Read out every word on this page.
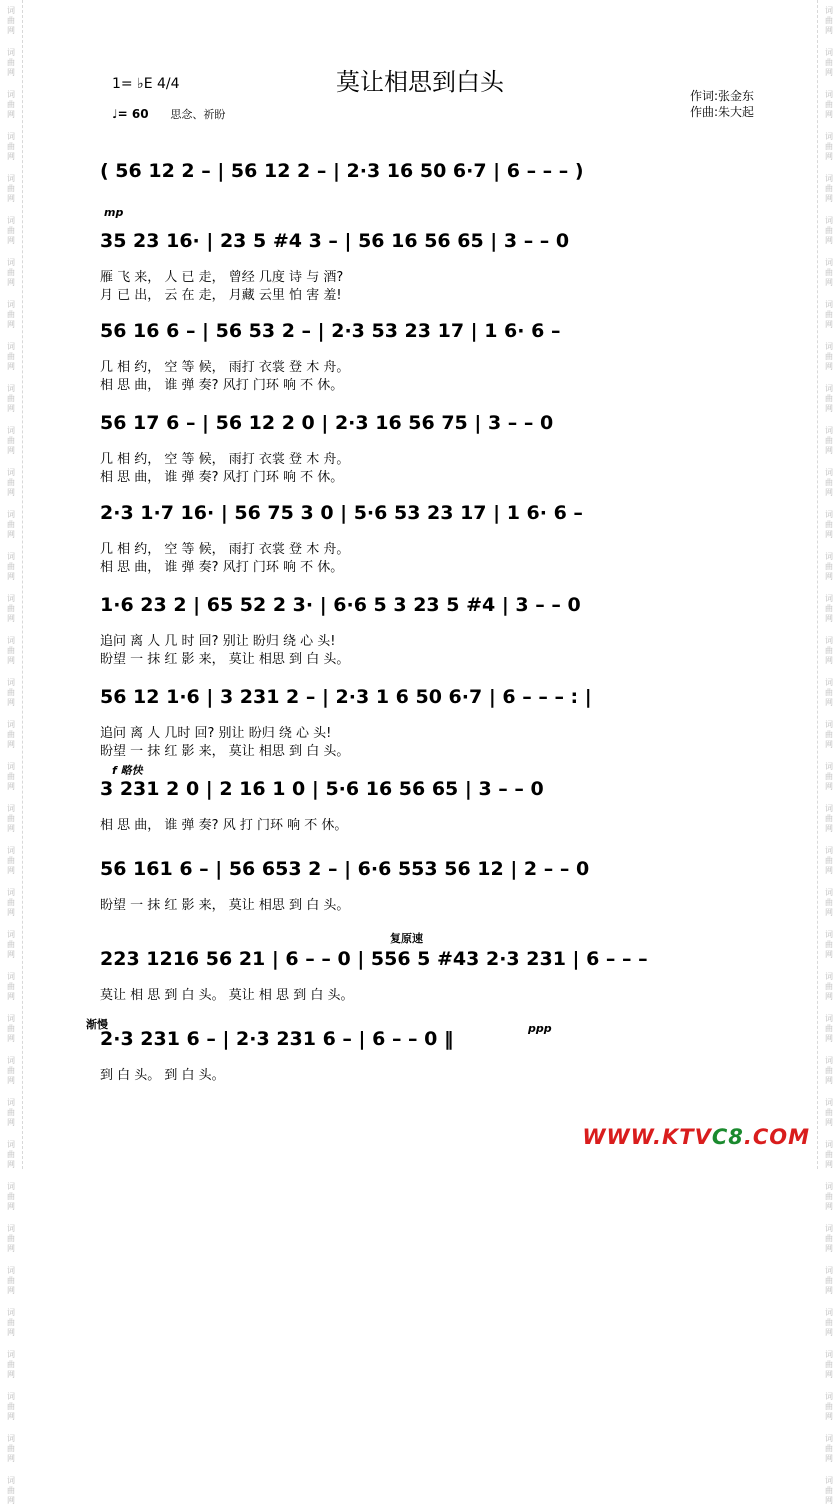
词
曲
网
词
曲
网
词
曲
网
词
曲
网
词
曲
网
词
曲
网
词
曲
网
词
曲
网
词
曲
网
词
曲
网
词
曲
网
词
曲
网
词
曲
网
词
曲
网
词
曲
网
词
曲
网
词
曲
网
词
曲
网
词
曲
网
词
曲
网
词
曲
网
词
曲
网
词
曲
网
词
曲
网
词
曲
网
词
曲
网
词
曲
网
词
曲
网
词
曲
网
词
曲
网
词
曲
网
词
曲
网
词
曲
网
词
曲
网
词
曲
网
词
曲
网
词
曲
网
词
曲
网
词
曲
网
词
曲
网
词
曲
网
词
曲
网
词
曲
网
词
曲
网
词
曲
网
词
曲
网
词
曲
网
词
曲
网
词
曲
网
词
曲
网
词
曲
网
词
曲
网
词
曲
网
词
曲
网
词
曲
网
词
曲
网
词
曲
网
词
曲
网
词
曲
网
词
曲
网
词
曲
网
词
曲
网
词
曲
网
词
曲
网
词
曲
网
词
曲
网
词
曲
网
词
曲
网
词
曲
网
词
曲
网
词
曲
网
词
曲
网
莫让相思到白头
1= ♭E 4/4
♩= 60 思念、祈盼
作词:张金东
作曲:朱大起
mp
f 略快
复原速
渐慢	ppp
( 56 12 2 – | 56 12 2 – | 2·3 16 50 6·7 | 6 – – – )
35 23 16· | 23 5 #4 3 – | 56 16 56 65 | 3 – – 0
雁 飞 来， 人 已 走， 曾经 几度 诗 与 酒?
月 已 出， 云 在 走， 月藏 云里 怕 害 羞!
56 16 6 – | 56 53 2 – | 2·3 53 23 17 | 1 6· 6 –
几 相 约， 空 等 候， 雨打 衣裳 登 木 舟。
相 思 曲， 谁 弹 奏? 风打 门环 响 不 休。
56 17 6 – | 56 12 2 0 | 2·3 16 56 75 | 3 – – 0
几 相 约， 空 等 候， 雨打 衣裳 登 木 舟。
相 思 曲， 谁 弹 奏? 风打 门环 响 不 休。
2·3 1·7 16· | 56 75 3 0 | 5·6 53 23 17 | 1 6· 6 –
几 相 约， 空 等 候， 雨打 衣裳 登 木 舟。
相 思 曲， 谁 弹 奏? 风打 门环 响 不 休。
1·6 23 2 | 65 52 2 3· | 6·6 5 3 23 5 #4 | 3 – – 0
追问 离 人 几 时 回? 别让 盼归 绕 心 头!
盼望 一 抹 红 影 来， 莫让 相思 到 白 头。
56 12 1·6 | 3 231 2 – | 2·3 1 6 50 6·7 | 6 – – – : |
追问 离 人 几时 回? 别让 盼归 绕 心 头!
盼望 一 抹 红 影 来， 莫让 相思 到 白 头。
3 231 2 0 | 2 16 1 0 | 5·6 16 56 65 | 3 – – 0
相 思 曲， 谁 弹 奏? 风 打 门环 响 不 休。
56 161 6 – | 56 653 2 – | 6·6 553 56 12 | 2 – – 0
盼望 一 抹 红 影 来， 莫让 相思 到 白 头。
223 1216 56 21 | 6 – – 0 | 556 5 #43 2·3 231 | 6 – – –
莫让 相 思 到 白 头。 莫让 相 思 到 白 头。
2·3 231 6 – | 2·3 231 6 – | 6 – – 0 ‖
到 白 头。 到 白 头。
WWW.KTVC8.COM
